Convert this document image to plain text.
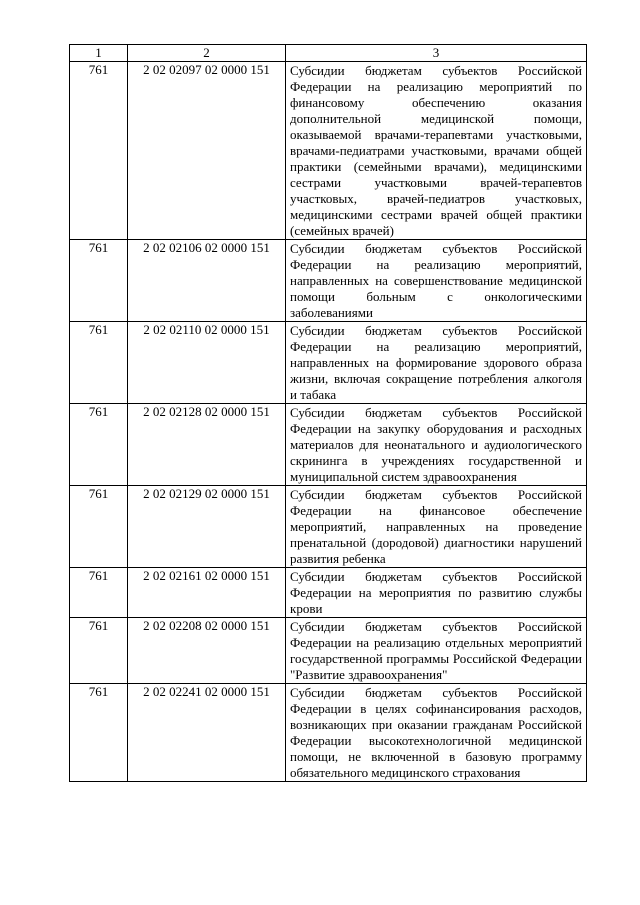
1	2	3
761	2 02 02097 02 0000 151	Субсидии бюджетам субъектов Российской Федерации на реализацию мероприятий по финансовому обеспечению оказания дополнительной медицинской помощи, оказываемой врачами-терапевтами участковыми, врачами-педиатрами участковыми, врачами общей практики (семейными врачами), медицинскими сестрами участковыми врачей-терапевтов участковых, врачей-педиатров участковых, медицинскими сестрами врачей общей практики (семейных врачей)
761	2 02 02106 02 0000 151	Субсидии бюджетам субъектов Российской Федерации на реализацию мероприятий, направленных на совершенствование медицинской помощи больным с онкологическими заболеваниями
761	2 02 02110 02 0000 151	Субсидии бюджетам субъектов Российской Федерации на реализацию мероприятий, направленных на формирование здорового образа жизни, включая сокращение потребления алкоголя и табака
761	2 02 02128 02 0000 151	Субсидии бюджетам субъектов Российской Федерации на закупку оборудования и расходных материалов для неонатального и аудиологического скрининга в учреждениях государственной и муниципальной систем здравоохранения
761	2 02 02129 02 0000 151	Субсидии бюджетам субъектов Российской Федерации на финансовое обеспечение мероприятий, направленных на проведение пренатальной (дородовой) диагностики нарушений развития ребенка
761	2 02 02161 02 0000 151	Субсидии бюджетам субъектов Российской Федерации на мероприятия по развитию службы крови
761	2 02 02208 02 0000 151	Субсидии бюджетам субъектов Российской Федерации на реализацию отдельных мероприятий государственной программы Российской Федерации "Развитие здравоохранения"
761	2 02 02241 02 0000 151	Субсидии бюджетам субъектов Российской Федерации в целях софинансирования расходов, возникающих при оказании гражданам Российской Федерации высокотехнологичной медицинской помощи, не включенной в базовую программу обязательного медицинского страхования
